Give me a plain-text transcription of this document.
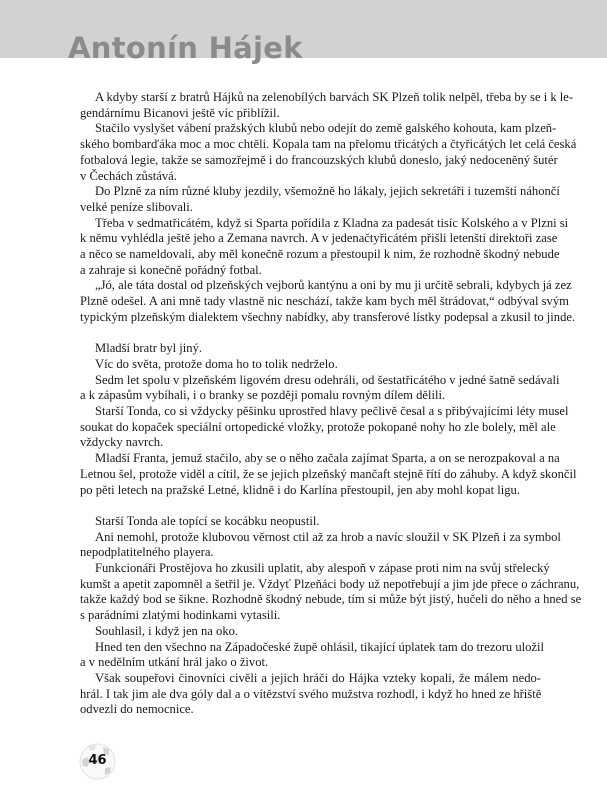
Antonín Hájek
A kdyby starší z bratrů Hájků na zelenobílých barvách SK Plzeň tolik nelpěl, třeba by se i k le-
gendárnímu Bicanovi ještě víc přiblížil.
Stačilo vyslyšet vábení pražských klubů nebo odejít do země galského kohouta, kam plzeň-
ského bombarďáka moc a moc chtěli. Kopala tam na přelomu třicátých a čtyřicátých let celá česká
fotbalová legie, takže se samozřejmě i do francouzských klubů doneslo, jaký nedoceněný šutér
v Čechách zůstává.
Do Plzně za ním různé kluby jezdily, všemožně ho lákaly, jejich sekretáři i tuzemští náhončí
velké peníze slibovali.
Třeba v sedmatřicátém, když si Sparta pořídila z Kladna za padesát tisíc Kolského a v Plzni si
k němu vyhlédla ještě jeho a Zemana navrch. A v jedenačtyřicátém přišli letenští direktoři zase
a něco se nameldovali, aby měl konečně rozum a přestoupil k nim, že rozhodně škodný nebude
a zahraje si konečně pořádný fotbal.
„Jó, ale táta dostal od plzeňských vejborů kantýnu a oni by mu ji určitě sebrali, kdybych já zez
Plzně odešel. A ani mně tady vlastně nic neschází, takže kam bych měl štrádovat,“ odbýval svým
typickým plzeňským dialektem všechny nabídky, aby transferové lístky podepsal a zkusil to jinde.
Mladší bratr byl jiný.
Víc do světa, protože doma ho to tolik nedrželo.
Sedm let spolu v plzeňském ligovém dresu odehráli, od šestatřicátého v jedné šatně sedávali
a k zápasům vybíhali, i o branky se později pomalu rovným dílem dělili.
Starší Tonda, co si vždycky pěšinku uprostřed hlavy pečlivě česal a s přibývajícími léty musel
soukat do kopaček speciální ortopedické vložky, protože pokopané nohy ho zle bolely, měl ale
vždycky navrch.
Mladší Franta, jemuž stačilo, aby se o něho začala zajímat Sparta, a on se nerozpakoval a na
Letnou šel, protože viděl a cítil, že se jejich plzeňský mančaft stejně řítí do záhuby. A když skončil
po pěti letech na pražské Letné, klidně i do Karlína přestoupil, jen aby mohl kopat ligu.
Starší Tonda ale topící se kocábku neopustil.
Ani nemohl, protože klubovou věrnost ctil až za hrob a navíc sloužil v SK Plzeň i za symbol
nepodplatitelného playera.
Funkcionáři Prostějova ho zkusili uplatit, aby alespoň v zápase proti nim na svůj střelecký
kumšt a apetit zapomněl a šetřil je. Vždyť Plzeňáci body už nepotřebují a jim jde přece o záchranu,
takže každý bod se šikne. Rozhodně škodný nebude, tím si může být jistý, hučeli do něho a hned se
s parádními zlatými hodinkami vytasili.
Souhlasil, i když jen na oko.
Hned ten den všechno na Západočeské župě ohlásil, tikající úplatek tam do trezoru uložil
a v nedělním utkání hrál jako o život.
Však soupeřovi činovníci civěli a jejich hráči do Hájka vzteky kopali, že málem nedo-
hrál. I tak jim ale dva góly dal a o vítězství svého mužstva rozhodl, i když ho hned ze hřiště
odvezli do nemocnice.
46
